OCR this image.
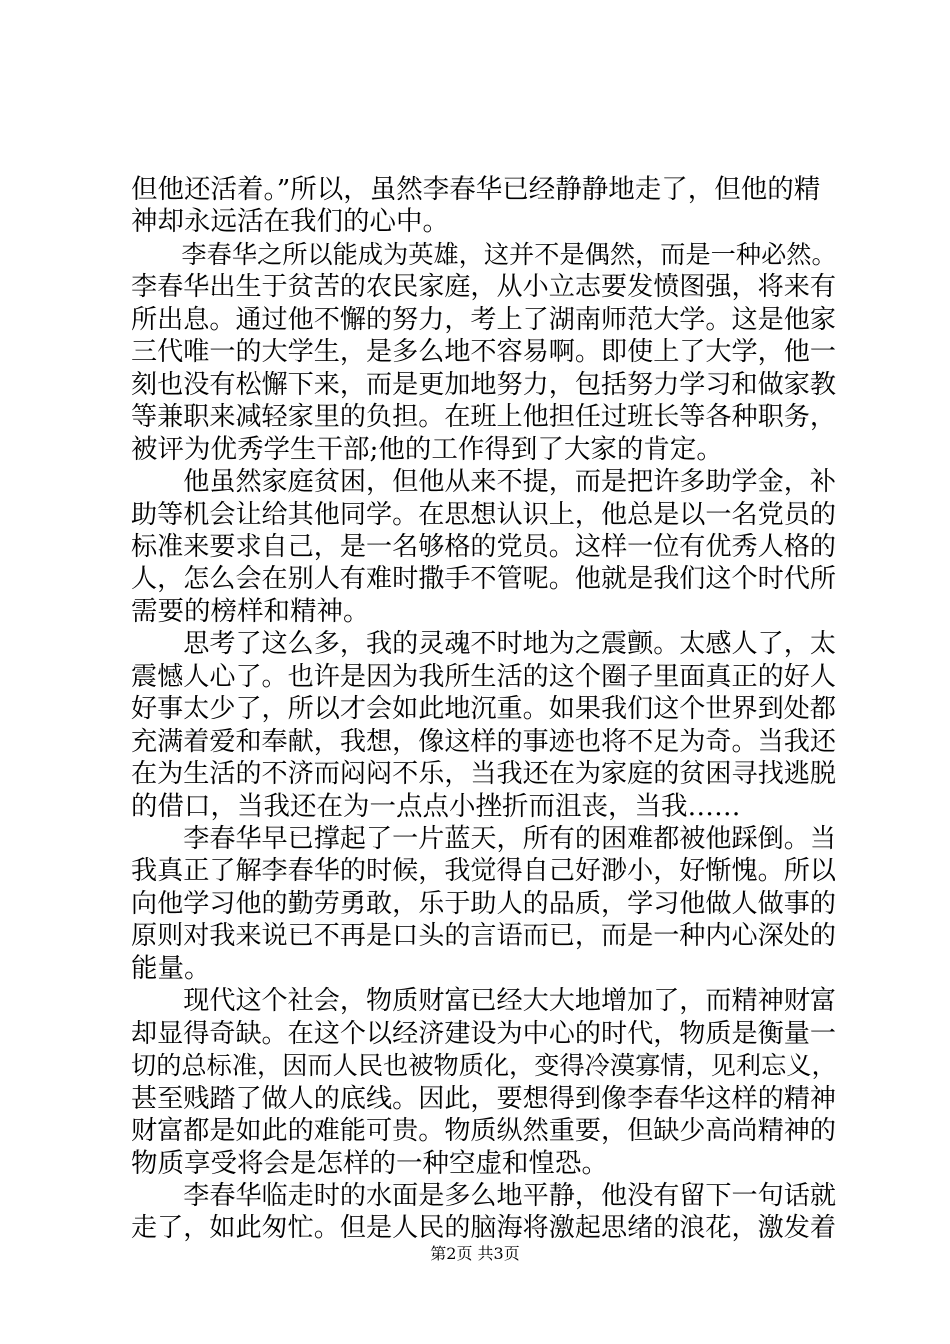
但他还活着。”所以，虽然李春华已经静静地走了，但他的精
神却永远活在我们的心中。
　　李春华之所以能成为英雄，这并不是偶然，而是一种必然。
李春华出生于贫苦的农民家庭，从小立志要发愤图强，将来有
所出息。通过他不懈的努力，考上了湖南师范大学。这是他家
三代唯一的大学生，是多么地不容易啊。即使上了大学，他一
刻也没有松懈下来，而是更加地努力，包括努力学习和做家教
等兼职来减轻家里的负担。在班上他担任过班长等各种职务，
被评为优秀学生干部;他的工作得到了大家的肯定。
　　他虽然家庭贫困，但他从来不提，而是把许多助学金，补
助等机会让给其他同学。在思想认识上，他总是以一名党员的
标准来要求自己，是一名够格的党员。这样一位有优秀人格的
人，怎么会在别人有难时撒手不管呢。他就是我们这个时代所
需要的榜样和精神。
　　思考了这么多，我的灵魂不时地为之震颤。太感人了，太
震憾人心了。也许是因为我所生活的这个圈子里面真正的好人
好事太少了，所以才会如此地沉重。如果我们这个世界到处都
充满着爱和奉献，我想，像这样的事迹也将不足为奇。当我还
在为生活的不济而闷闷不乐，当我还在为家庭的贫困寻找逃脱
的借口，当我还在为一点点小挫折而沮丧，当我……
　　李春华早已撑起了一片蓝天，所有的困难都被他踩倒。当
我真正了解李春华的时候，我觉得自己好渺小，好惭愧。所以
向他学习他的勤劳勇敢，乐于助人的品质，学习他做人做事的
原则对我来说已不再是口头的言语而已，而是一种内心深处的
能量。
　　现代这个社会，物质财富已经大大地增加了，而精神财富
却显得奇缺。在这个以经济建设为中心的时代，物质是衡量一
切的总标准，因而人民也被物质化，变得冷漠寡情，见利忘义，
甚至贱踏了做人的底线。因此，要想得到像李春华这样的精神
财富都是如此的难能可贵。物质纵然重要，但缺少高尚精神的
物质享受将会是怎样的一种空虚和惶恐。
　　李春华临走时的水面是多么地平静，他没有留下一句话就
走了，如此匆忙。但是人民的脑海将激起思绪的浪花，激发着
第2页 共3页
